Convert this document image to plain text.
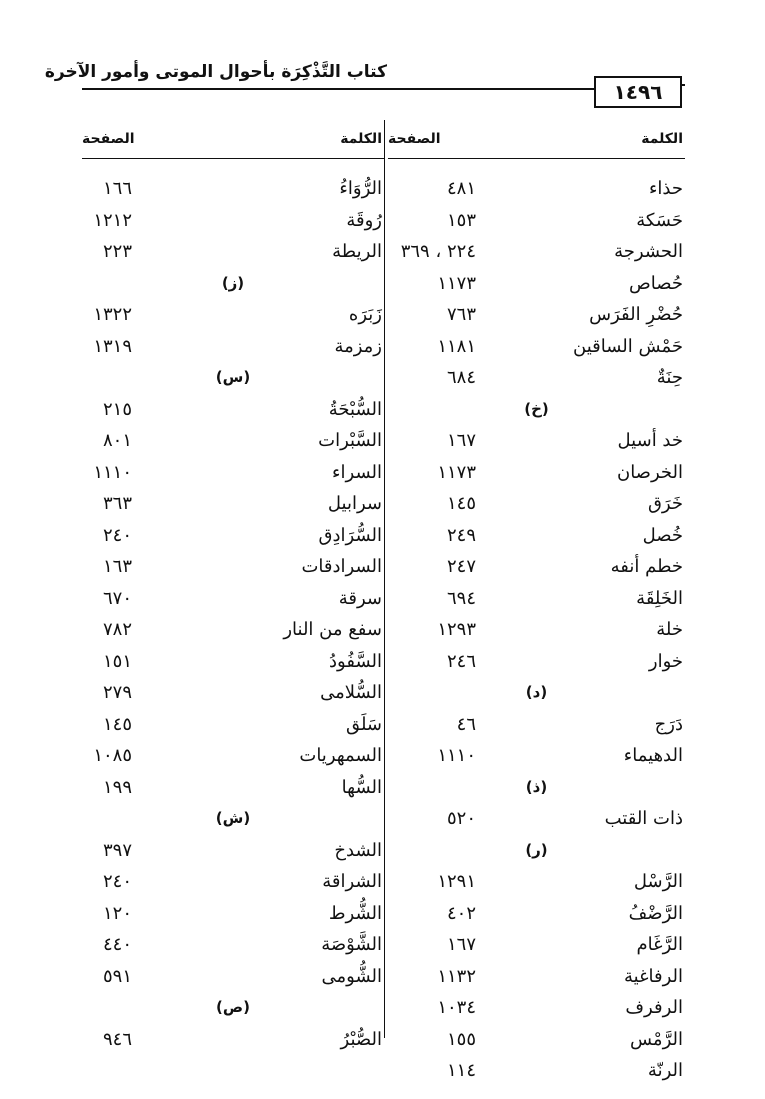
كتاب التَّذْكِرَة بأحوال الموتى وأمور الآخرة
١٤٩٦
الكلمة
الصفحة
حذاء
٤٨١
حَسَكة
١٥٣
الحشرجة
٢٢٤ ، ٣٦٩
حُصاص
١١٧٣
حُضْرِ الفَرَس
٧٦٣
حَمْش الساقين
١١٨١
حِنَةٌ
٦٨٤
(خ)
خد أسيل
١٦٧
الخرصان
١١٧٣
خَرَق
١٤٥
خُصل
٢٤٩
خطم أنفه
٢٤٧
الخَلِقَة
٦٩٤
خلة
١٢٩٣
خوار
٢٤٦
(د)
دَرَج
٤٦
الدهيماء
١١١٠
(ذ)
ذات القتب
٥٢٠
(ر)
الرَّسْل
١٢٩١
الرَّضْفُ
٤٠٢
الرَّغَام
١٦٧
الرفاغية
١١٣٢
الرفرف
١٠٣٤
الرَّمْس
١٥٥
الرنّة
١١٤
الكلمة
الصفحة
الرُّوَاءُ
١٦٦
رُوقَة
١٢١٢
الريطة
٢٢٣
(ز)
زَبَرَه
١٣٢٢
زمزمة
١٣١٩
(س)
السُّبْحَةُ
٢١٥
السَّبْرات
٨٠١
السراء
١١١٠
سرابيل
٣٦٣
السُّرَادِق
٢٤٠
السرادقات
١٦٣
سرقة
٦٧٠
سفع من النار
٧٨٢
السَّفُودُ
١٥١
السُّلامى
٢٧٩
سَلَق
١٤٥
السمهريات
١٠٨٥
السُّها
١٩٩
(ش)
الشدخ
٣٩٧
الشراقة
٢٤٠
الشُّرط
١٢٠
الشَّوْصَة
٤٤٠
الشُّومى
٥٩١
(ص)
الصُّبْرُ
٩٤٦
